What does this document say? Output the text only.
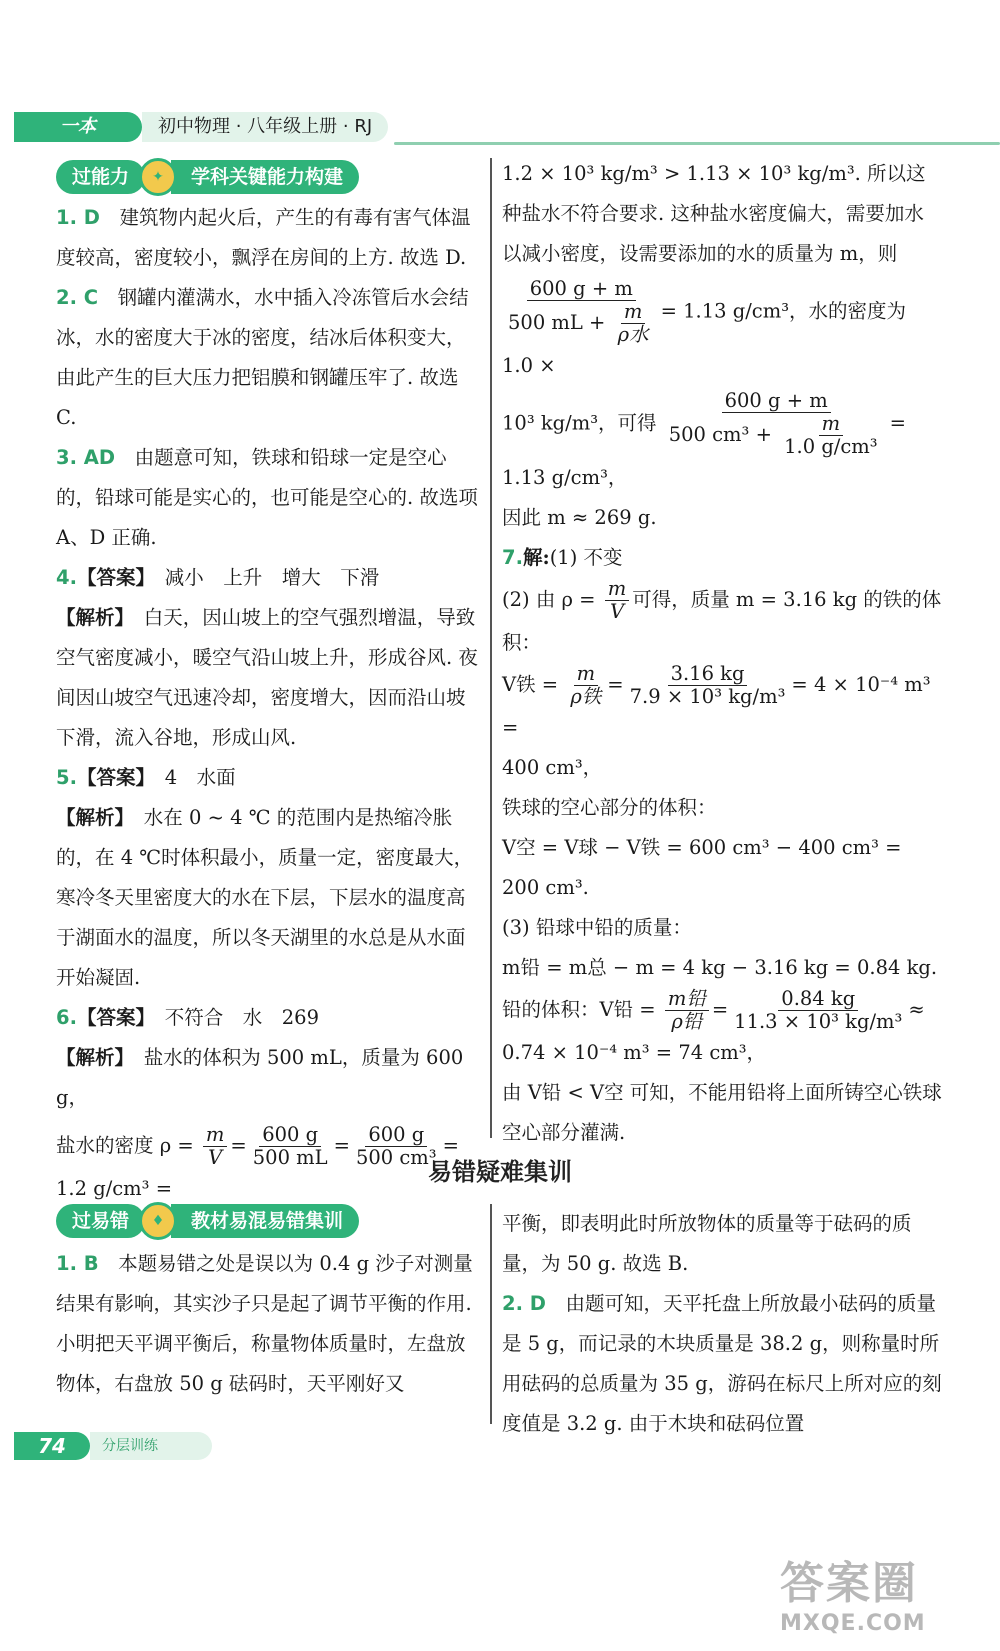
一本	初中物理 · 八年级上册 · RJ
过能力	✦	学科关键能力构建

1. D　 建筑物内起火后，产生的有毒有害气体温度较高，密度较小，飘浮在房间的上方. 故选 D.

2. C　 钢罐内灌满水，水中插入冷冻管后水会结冰，水的密度大于冰的密度，结冰后体积变大，由此产生的巨大压力把铝膜和钢罐压牢了. 故选 C.

3. AD　 由题意可知，铁球和铅球一定是空心的，铅球可能是实心的，也可能是空心的. 故选项 A、D 正确.

4.【答案】　 减小　上升　增大　下滑

【解析】　 白天，因山坡上的空气强烈增温，导致空气密度减小，暖空气沿山坡上升，形成谷风. 夜间因山坡空气迅速冷却，密度增大，因而沿山坡下滑，流入谷地，形成山风.

5.【答案】　 4　水面

【解析】　 水在 0 ~ 4 ℃ 的范围内是热缩冷胀的，在 4 ℃时体积最小，质量一定，密度最大，寒冷冬天里密度大的水在下层，下层水的温度高于湖面水的温度，所以冬天湖里的水总是从水面开始凝固.

6.【答案】　 不符合　水　269

【解析】　 盐水的体积为 500 mL，质量为 600 g，

盐水的密度 $\rho = \frac{m}{V} = \frac{600 g}{500 mL} = \frac{600 g}{\text{500 cm³}} = 1.2$ g/cm³ =

1.2 × 10³ kg/m³ > 1.13 × 10³ kg/m³. 所以这种盐水不符合要求. 这种盐水密度偏大，需要加水以减小密度，设需要添加的水的质量为 m，则

$\frac{600 g + m}{500 mL + \frac{m}{\text{ρ水}}} = 1.13$ g/cm³，水的密度为 1.0 ×

10³ kg/m³，可得 $\frac{600 g + m}{500 cm^3 + \frac{m}{\text{1.0 g/cm³}}} = 1.13$ g/cm³，

因此 m ≈ 269 g.

7.解:(1) 不变

(2) 由 $\rho = \frac{m}{V}$ 可得，质量 m = 3.16 kg 的铁的体积：

V铁 = $\frac{m}{\text{ρ铁}} = \frac{3.16 kg}{\text{7.9 × 10³ kg/m³}} = 4 \times 10^{-4}$ m³ =

400 cm³，

铁球的空心部分的体积：

V空 = V球 − V铁 = 600 cm³ − 400 cm³ = 200 cm³.

(3) 铅球中铅的质量：

m铅 = m总 − m = 4 kg − 3.16 kg = 0.84 kg.

铅的体积：V铅 = $\frac{\text{m铅}}{\text{ρ铅}} = \frac{0.84 kg}{\text{11.3 × 10³ kg/m³}}$ ≈

0.74 × 10⁻⁴ m³ = 74 cm³，

由 V铅 < V空 可知，不能用铅将上面所铸空心铁球空心部分灌满.

易错疑难集训
过易错	♦	教材易混易错集训

1. B　 本题易错之处是误以为 0.4 g 沙子对测量结果有影响，其实沙子只是起了调节平衡的作用. 小明把天平调平衡后，称量物体质量时，左盘放物体，右盘放 50 g 砝码时，天平刚好又

平衡，即表明此时所放物体的质量等于砝码的质量，为 50 g. 故选 B.

2. D　 由题可知，天平托盘上所放最小砝码的质量是 5 g，而记录的木块质量是 38.2 g，则称量时所用砝码的总质量为 35 g，游码在标尺上所对应的刻度值是 3.2 g. 由于木块和砝码位置

74	分层训练
答案圈
MXQE.COM
